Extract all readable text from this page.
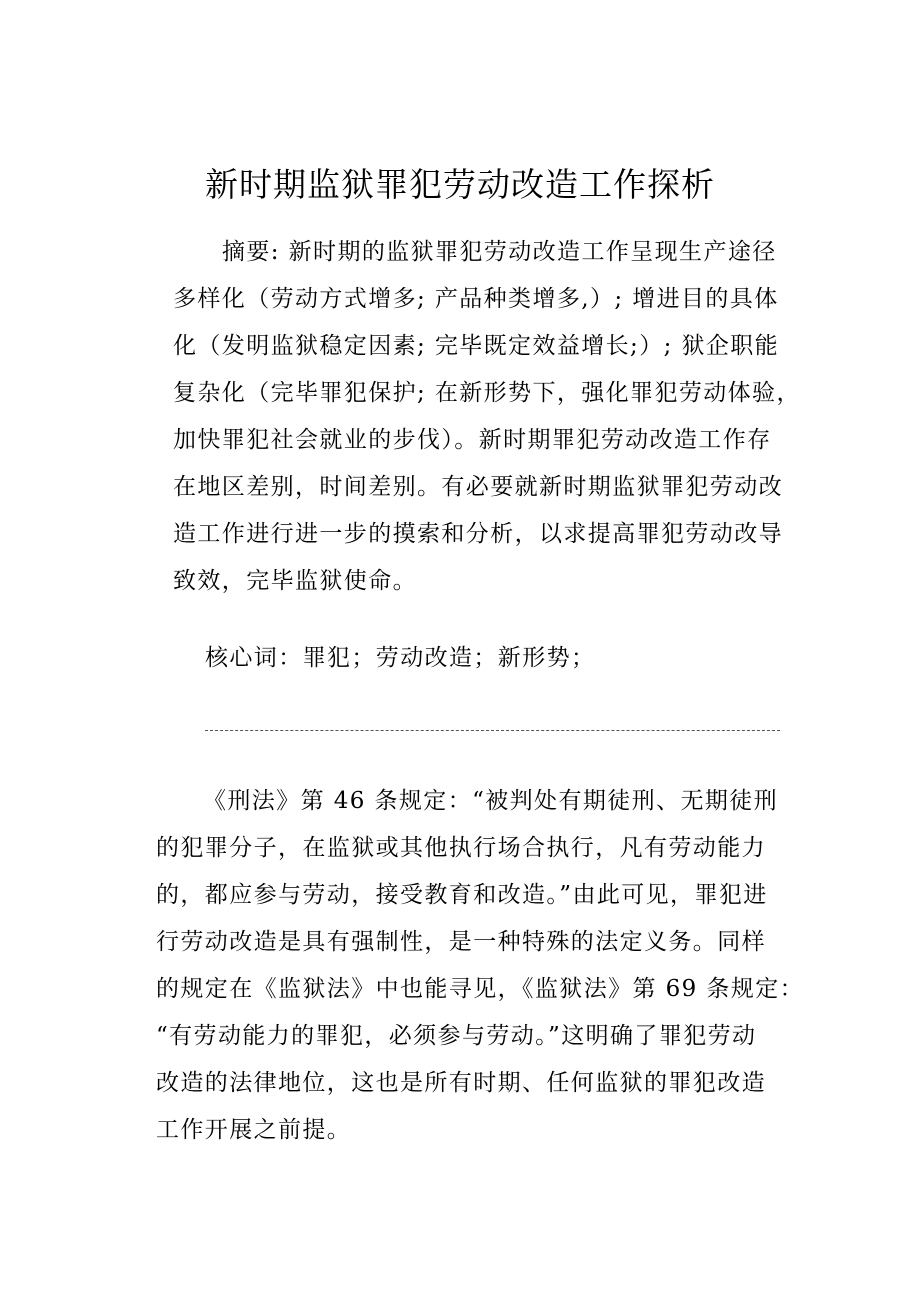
新时期监狱罪犯劳动改造工作探析
摘要: 新时期的监狱罪犯劳动改造工作呈现生产途径
多样化（劳动方式增多; 产品种类增多,）; 增进目的具体
化（发明监狱稳定因素; 完毕既定效益增长;）; 狱企职能
复杂化（完毕罪犯保护; 在新形势下，强化罪犯劳动体验，
加快罪犯社会就业的步伐）。新时期罪犯劳动改造工作存
在地区差别，时间差别。有必要就新时期监狱罪犯劳动改
造工作进行进一步的摸索和分析，以求提高罪犯劳动改导
致效，完毕监狱使命。
核心词：罪犯；劳动改造；新形势；
《刑法》第 46 条规定：“被判处有期徒刑、无期徒刑
的犯罪分子，在监狱或其他执行场合执行，凡有劳动能力
的，都应参与劳动，接受教育和改造。”由此可见，罪犯进
行劳动改造是具有强制性，是一种特殊的法定义务。同样
的规定在《监狱法》中也能寻见，《监狱法》第 69 条规定：
“有劳动能力的罪犯，必须参与劳动。”这明确了罪犯劳动
改造的法律地位，这也是所有时期、任何监狱的罪犯改造
工作开展之前提。
